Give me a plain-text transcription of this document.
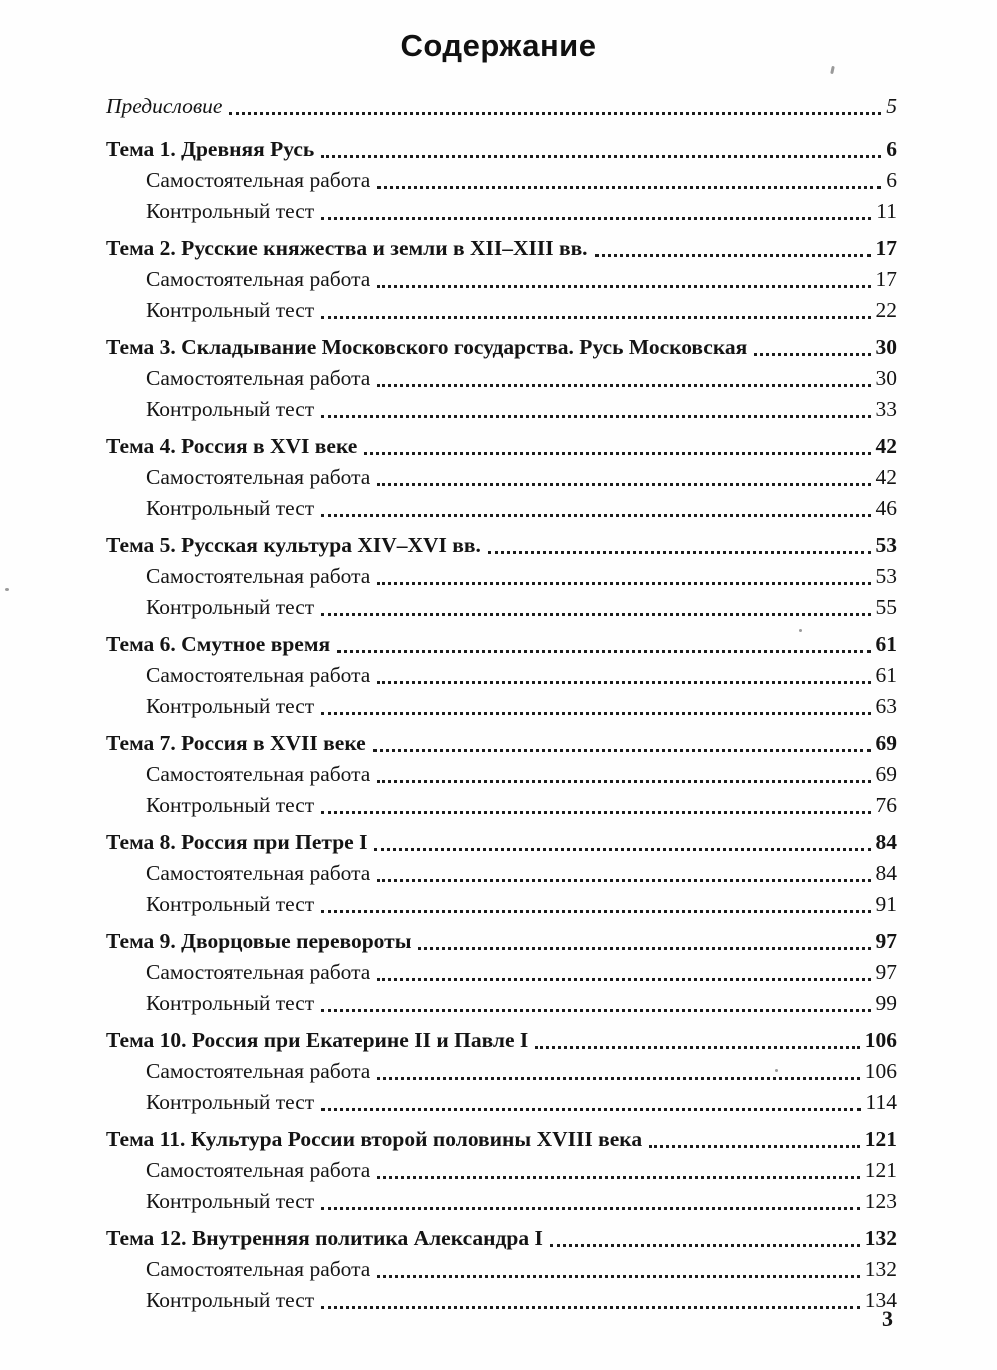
Содержание
Предисловие	5
Тема 1. Древняя Русь	6
Самостоятельная работа	6
Контрольный тест	11
Тема 2. Русские княжества и земли в XII–XIII вв.	17
Самостоятельная работа	17
Контрольный тест	22
Тема 3. Складывание Московского государства. Русь Московская	30
Самостоятельная работа	30
Контрольный тест	33
Тема 4. Россия в XVI веке	42
Самостоятельная работа	42
Контрольный тест	46
Тема 5. Русская культура XIV–XVI вв.	53
Самостоятельная работа	53
Контрольный тест	55
Тема 6. Смутное время	61
Самостоятельная работа	61
Контрольный тест	63
Тема 7. Россия в XVII веке	69
Самостоятельная работа	69
Контрольный тест	76
Тема 8. Россия при Петре I	84
Самостоятельная работа	84
Контрольный тест	91
Тема 9. Дворцовые перевороты	97
Самостоятельная работа	97
Контрольный тест	99
Тема 10. Россия при Екатерине II и Павле I	106
Самостоятельная работа	106
Контрольный тест	114
Тема 11. Культура России второй половины XVIII века	121
Самостоятельная работа	121
Контрольный тест	123
Тема 12. Внутренняя политика Александра I	132
Самостоятельная работа	132
Контрольный тест	134
3
